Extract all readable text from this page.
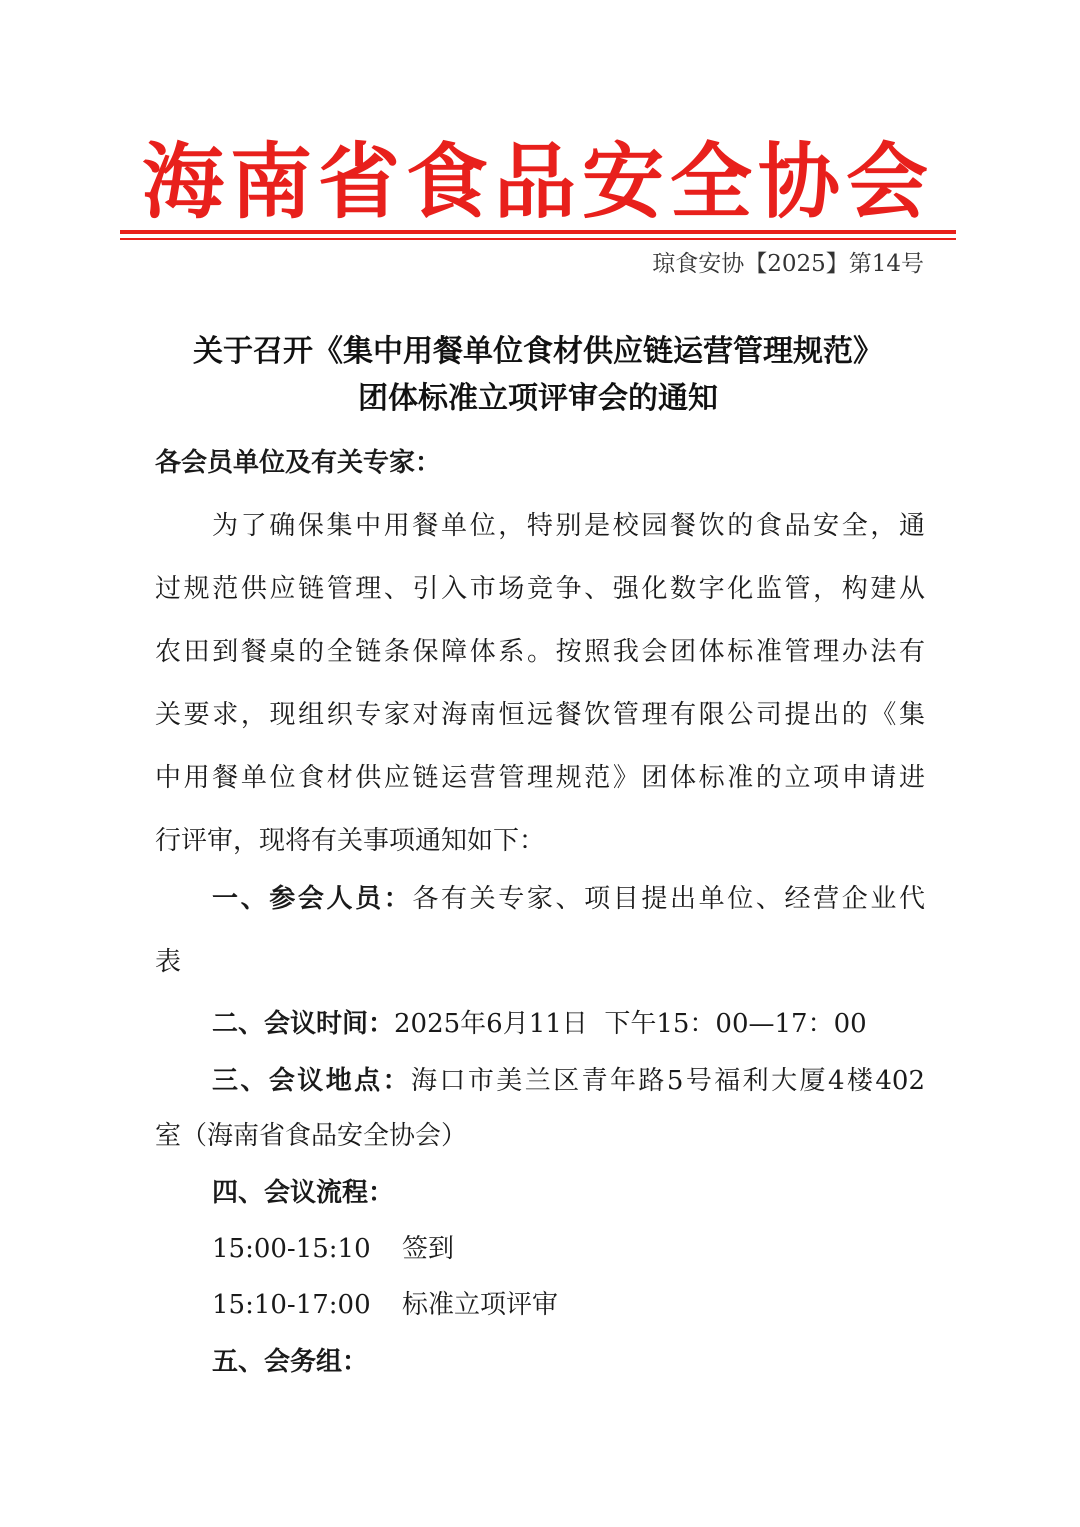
海南省食品安全协会
琼食安协【2025】第14号
关于召开《集中用餐单位食材供应链运营管理规范》
团体标准立项评审会的通知
各会员单位及有关专家：
为了确保集中用餐单位，特别是校园餐饮的食品安全，通
过规范供应链管理、引入市场竞争、强化数字化监管，构建从
农田到餐桌的全链条保障体系。按照我会团体标准管理办法有
关要求，现组织专家对海南恒远餐饮管理有限公司提出的《集
中用餐单位食材供应链运营管理规范》团体标准的立项申请进
行评审，现将有关事项通知如下：
一、参会人员：各有关专家、项目提出单位、经营企业代
表
二、会议时间：2025年6月11日  下午15：00—17：00
三、会议地点：海口市美兰区青年路5号福利大厦4楼402
室（海南省食品安全协会）
四、会议流程：
15:00-15:10 签到
15:10-17:00 标准立项评审
五、会务组：
